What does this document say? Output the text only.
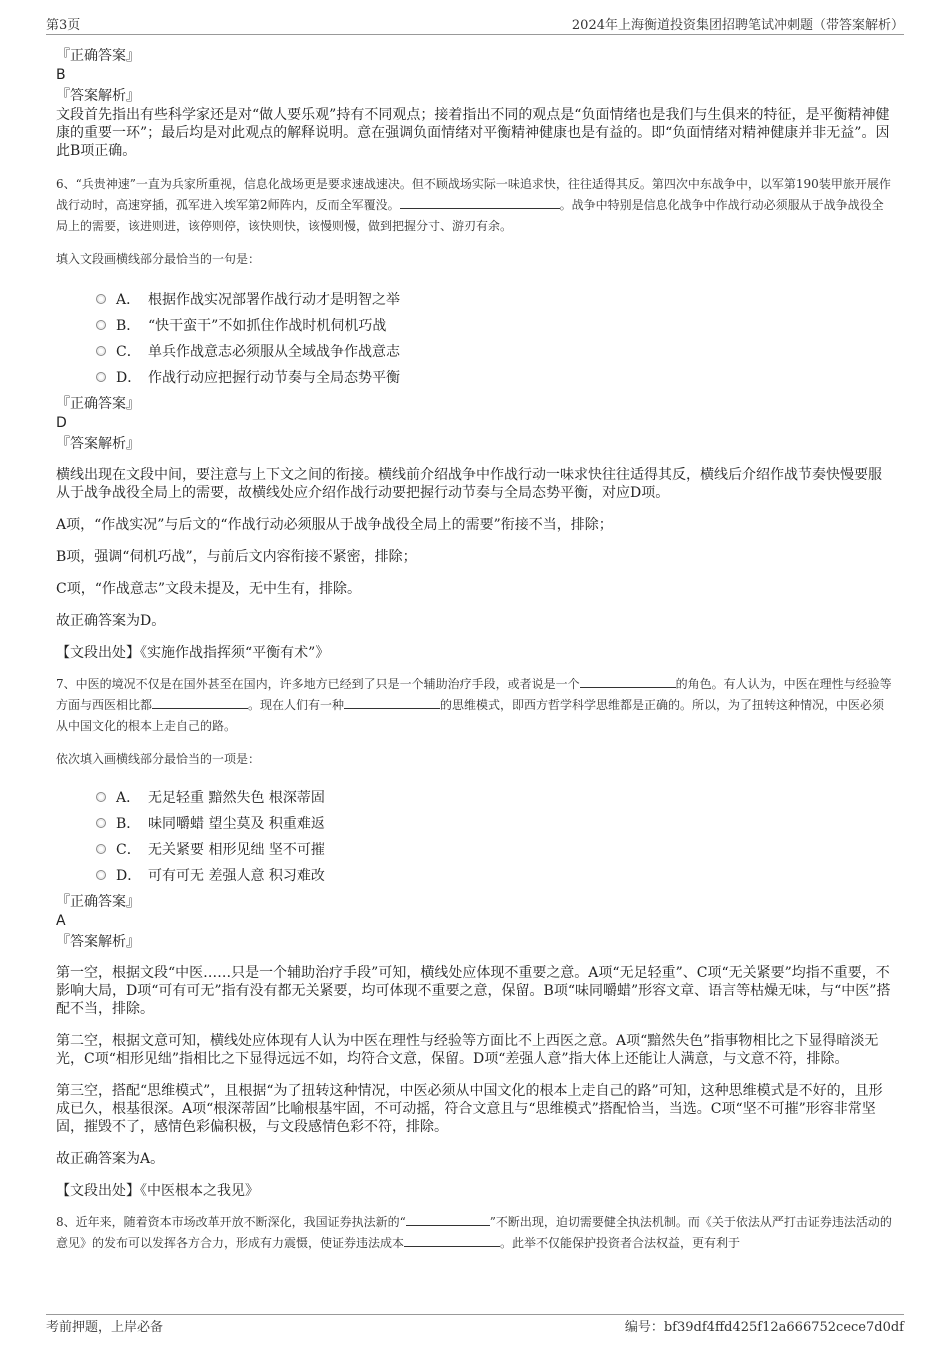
第3页	2024年上海衡道投资集团招聘笔试冲刺题（带答案解析）
『正确答案』
B
『答案解析』
文段首先指出有些科学家还是对“做人要乐观”持有不同观点；接着指出不同的观点是“负面情绪也是我们与生俱来的特征，是平衡精神健康的重要一环”；最后均是对此观点的解释说明。意在强调负面情绪对平衡精神健康也是有益的。即“负面情绪对精神健康并非无益”。因此B项正确。
6、“兵贵神速”一直为兵家所重视，信息化战场更是要求速战速决。但不顾战场实际一味追求快，往往适得其反。第四次中东战争中，以军第190装甲旅开展作战行动时，高速穿插，孤军进入埃军第2师阵内，反而全军覆没。	。战争中特别是信息化战争中作战行动必须服从于战争战役全局上的需要，该进则进，该停则停，该快则快，该慢则慢，做到把握分寸、游刃有余。
填入文段画横线部分最恰当的一句是：
A． 根据作战实况部署作战行动才是明智之举
B． “快干蛮干”不如抓住作战时机伺机巧战
C． 单兵作战意志必须服从全域战争作战意志
D． 作战行动应把握行动节奏与全局态势平衡
『正确答案』
D
『答案解析』
横线出现在文段中间，要注意与上下文之间的衔接。横线前介绍战争中作战行动一味求快往往适得其反，横线后介绍作战节奏快慢要服从于战争战役全局上的需要，故横线处应介绍作战行动要把握行动节奏与全局态势平衡，对应D项。
A项，“作战实况”与后文的“作战行动必须服从于战争战役全局上的需要”衔接不当，排除；
B项，强调“伺机巧战”，与前后文内容衔接不紧密，排除；
C项，“作战意志”文段未提及，无中生有，排除。
故正确答案为D。
【文段出处】《实施作战指挥须“平衡有术”》
7、中医的境况不仅是在国外甚至在国内，许多地方已经到了只是一个辅助治疗手段，或者说是一个	的角色。有人认为，中医在理性与经验等方面与西医相比都	。现在人们有一种	的思维模式，即西方哲学科学思维都是正确的。所以，为了扭转这种情况，中医必须从中国文化的根本上走自己的路。
依次填入画横线部分最恰当的一项是：
A． 无足轻重 黯然失色 根深蒂固
B． 味同嚼蜡 望尘莫及 积重难返
C． 无关紧要 相形见绌 坚不可摧
D． 可有可无 差强人意 积习难改
『正确答案』
A
『答案解析』
第一空，根据文段“中医……只是一个辅助治疗手段”可知，横线处应体现不重要之意。A项“无足轻重”、C项“无关紧要”均指不重要，不影响大局，D项“可有可无”指有没有都无关紧要，均可体现不重要之意，保留。B项“味同嚼蜡”形容文章、语言等枯燥无味，与“中医”搭配不当，排除。
第二空，根据文意可知，横线处应体现有人认为中医在理性与经验等方面比不上西医之意。A项“黯然失色”指事物相比之下显得暗淡无光，C项“相形见绌”指相比之下显得远远不如，均符合文意，保留。D项“差强人意”指大体上还能让人满意，与文意不符，排除。
第三空，搭配“思维模式”，且根据“为了扭转这种情况，中医必须从中国文化的根本上走自己的路”可知，这种思维模式是不好的，且形成已久，根基很深。A项“根深蒂固”比喻根基牢固，不可动摇，符合文意且与“思维模式”搭配恰当，当选。C项“坚不可摧”形容非常坚固，摧毁不了，感情色彩偏积极，与文段感情色彩不符，排除。
故正确答案为A。
【文段出处】《中医根本之我见》
8、近年来，随着资本市场改革开放不断深化，我国证券执法新的“	”不断出现，迫切需要健全执法机制。而《关于依法从严打击证券违法活动的意见》的发布可以发挥各方合力，形成有力震慑，使证券违法成本	。此举不仅能保护投资者合法权益，更有利于
考前押题，上岸必备	编号：bf39df4ffd425f12a666752cece7d0df
